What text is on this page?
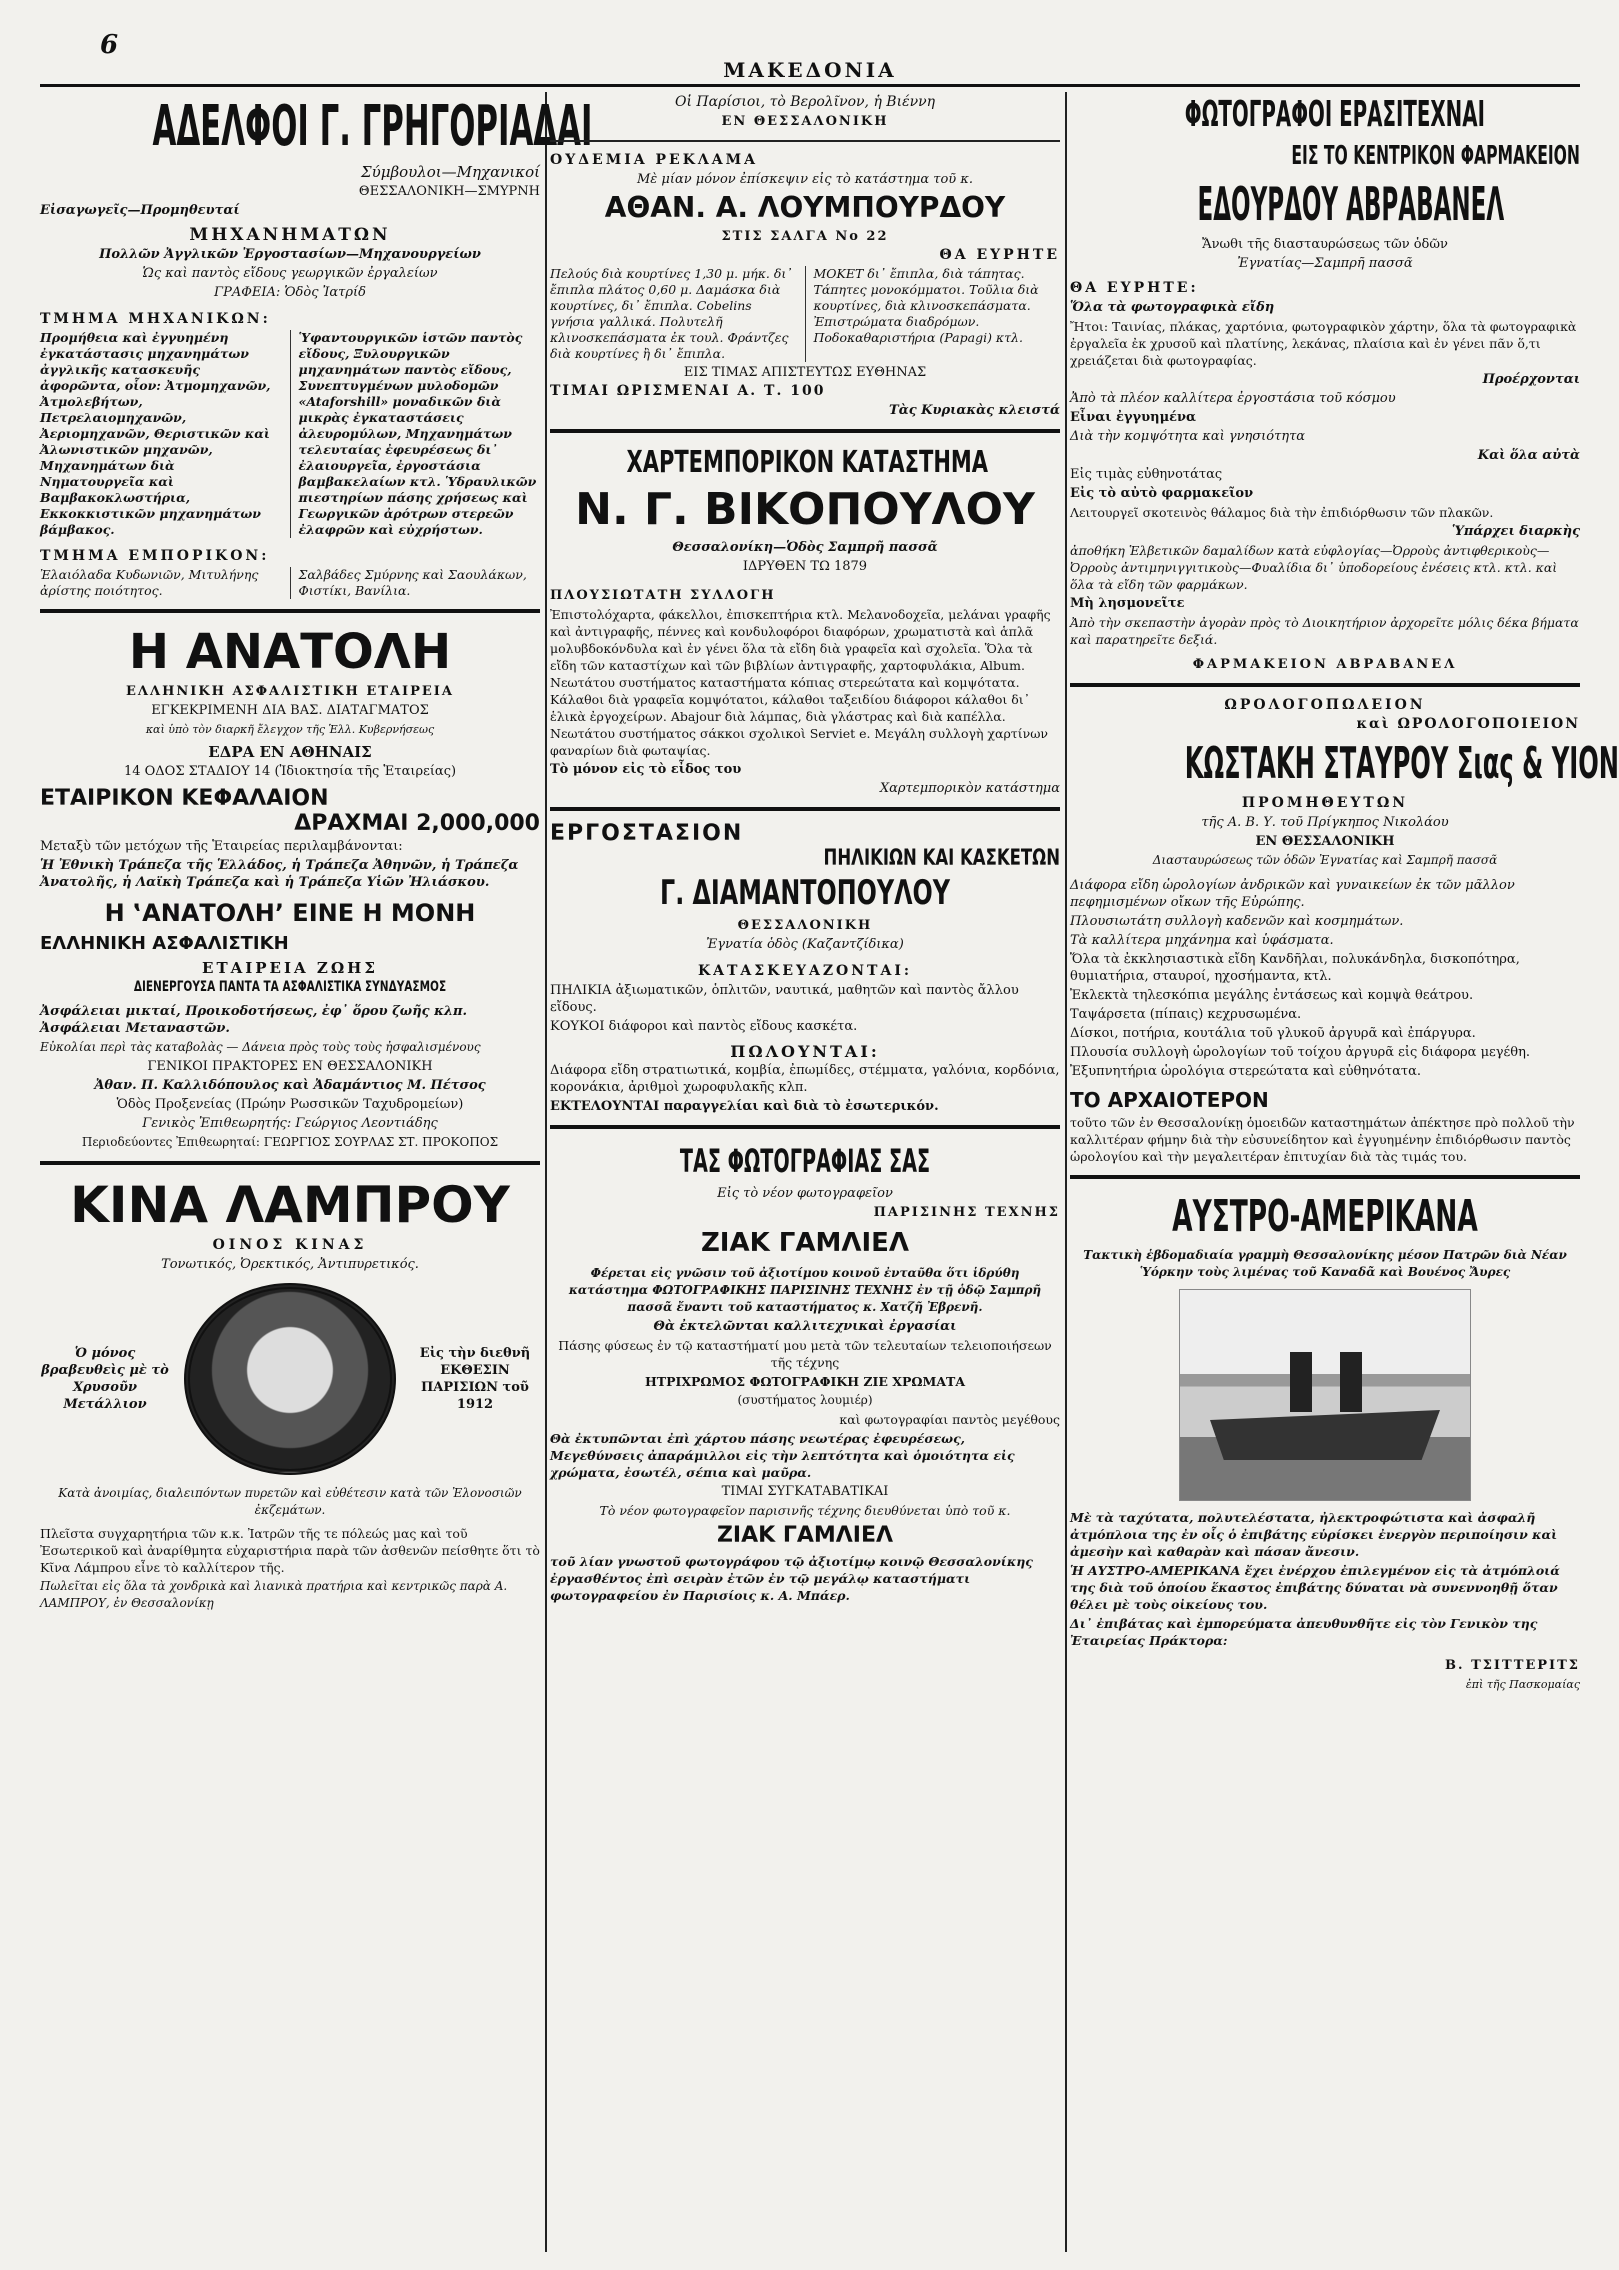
6
ΜΑΚΕΔΟΝΙΑ
ΑΔΕΛΦΟΙ Γ. ΓΡΗΓΟΡΙΑΔΑΙ
Σύμβουλοι—Μηχανικοί
ΘΕΣΣΑΛΟΝΙΚΗ—ΣΜΥΡΝΗ
Εἰσαγωγεῖς—Προμηθευταί
ΜΗΧΑΝΗΜΑΤΩΝ
Πολλῶν Ἀγγλικῶν Ἐργοστασίων—Μηχανουργείων
Ὡς καὶ παντὸς εἴδους γεωργικῶν ἐργαλείων
ΓΡΑΦΕΙΑ: Ὁδὸς Ἰατρίδ
ΤΜΗΜΑ ΜΗΧΑΝΙΚΩΝ:
Προμήθεια καὶ ἐγγυημένη ἐγκατάστασις μηχανημάτων ἀγγλικῆς κατασκευῆς ἀφορῶντα, οἷον: Ἀτμομηχανῶν, Ἀτμολεβήτων, Πετρελαιομηχανῶν, Ἀεριομηχανῶν, Θεριστικῶν καὶ Ἀλωνιστικῶν μηχανῶν, Μηχανημάτων διὰ Νηματουργεῖα καὶ Βαμβακοκλωστήρια, Εκκοκκιστικῶν μηχανημάτων βάμβακος.
Ὑφαντουργικῶν ἱστῶν παντὸς εἴδους, Ξυλουργικῶν μηχανημάτων παντὸς εἴδους, Συνεπτυγμένων μυλοδομῶν «Ataforshill» μοναδικῶν διὰ μικρὰς ἐγκαταστάσεις ἀλευρομύλων, Μηχανημάτων τελευταίας ἐφευρέσεως δι᾽ ἐλαιουργεῖα, ἐργοστάσια βαμβακελαίων κτλ. Ὑδραυλικῶν πιεστηρίων πάσης χρήσεως καὶ Γεωργικῶν ἀρότρων στερεῶν ἐλαφρῶν καὶ εὐχρήστων.
ΤΜΗΜΑ ΕΜΠΟΡΙΚΟΝ:
Ἐλαιόλαδα Κυδωνιῶν, Μιτυλήνης ἀρίστης ποιότητος.
Σαλβάδες Σμύρνης καὶ Σαουλάκων, Φιστίκι, Βανίλια.
Η ΑΝΑΤΟΛΗ
ΕΛΛΗΝΙΚΗ ΑΣΦΑΛΙΣΤΙΚΗ ΕΤΑΙΡΕΙΑ
ΕΓΚΕΚΡΙΜΕΝΗ ΔΙΑ ΒΑΣ. ΔΙΑΤΑΓΜΑΤΟΣ
καὶ ὑπὸ τὸν διαρκῆ ἔλεγχον τῆς Ἑλλ. Κυβερνήσεως
ΕΔΡΑ ΕΝ ΑΘΗΝΑΙΣ
14 ΟΔΟΣ ΣΤΑΔΙΟΥ 14 (Ἰδιοκτησία τῆς Ἑταιρείας)
ΕΤΑΙΡΙΚΟΝ ΚΕΦΑΛΑΙΟΝ
ΔΡΑΧΜΑΙ 2,000,000
Μεταξὺ τῶν μετόχων τῆς Ἑταιρείας περιλαμβάνονται:
Ἡ Ἐθνικὴ Τράπεζα τῆς Ἑλλάδος, ἡ Τράπεζα Ἀθηνῶν, ἡ Τράπεζα Ἀνατολῆς, ἡ Λαϊκὴ Τράπεζα καὶ ἡ Τράπεζα Υἱῶν Ἠλιάσκου.
Η ‛ΑΝΑΤΟΛΗ’ ΕΙΝΕ Η ΜΟΝΗ
ΕΛΛΗΝΙΚΗ ΑΣΦΑΛΙΣΤΙΚΗ
ΕΤΑΙΡΕΙΑ ΖΩΗΣ
ΔΙΕΝΕΡΓΟΥΣΑ ΠΑΝΤΑ ΤΑ ΑΣΦΑΛΙΣΤΙΚΑ ΣΥΝΔΥΑΣΜΟΣ
Ἀσφάλειαι μικταί, Προικοδοτήσεως, ἐφ᾽ ὅρου ζωῆς κλπ. Ἀσφάλειαι Μεταναστῶν.
Εὐκολίαι περὶ τὰς καταβολὰς — Δάνεια πρὸς τοὺς τοὺς ἠσφαλισμένους
ΓΕΝΙΚΟΙ ΠΡΑΚΤΟΡΕΣ ΕΝ ΘΕΣΣΑΛΟΝΙΚΗ
Ἀθαν. Π. Καλλιδόπουλος καὶ Ἀδαμάντιος Μ. Πέτσος
Ὁδὸς Προξενείας (Πρώην Ρωσσικῶν Ταχυδρομείων)
Γενικὸς Ἐπιθεωρητής: Γεώργιος Λεοντιάδης
Περιοδεύοντες Ἐπιθεωρηταί: ΓΕΩΡΓΙΟΣ ΣΟΥΡΛΑΣ ΣΤ. ΠΡΟΚΟΠΟΣ
ΚΙΝΑ ΛΑΜΠΡΟΥ
ΟΙΝΟΣ ΚΙΝΑΣ
Τονωτικός, Ὀρεκτικός, Ἀντιπυρετικός.
Ὁ μόνος βραβευθεὶς μὲ τὸ Χρυσοῦν Μετάλλιον
Εἰς τὴν διεθνῆ ΕΚΘΕΣΙΝ ΠΑΡΙΣΙΩΝ τοῦ 1912
Κατὰ ἀνοιμίας, διαλειπόντων πυρετῶν καὶ εὐθέτεσιν κατὰ τῶν Ἐλονοσιῶν ἐκζεμάτων.
Πλεῖστα συγχαρητήρια τῶν κ.κ. Ἰατρῶν τῆς τε πόλεώς μας καὶ τοῦ Ἐσωτερικοῦ καὶ ἀναρίθμητα εὐχαριστήρια παρὰ τῶν ἀσθενῶν πείσθητε ὅτι τὸ Κῖνα Λάμπρου εἶνε τὸ καλλίτερον τῆς.
Πωλεῖται εἰς ὅλα τὰ χονδρικὰ καὶ λιανικὰ πρατήρια καὶ κεντρικῶς παρὰ Α. ΛΑΜΠΡΟΥ, ἐν Θεσσαλονίκῃ
Οἱ Παρίσιοι, τὸ Βερολῖνον, ἡ Βιέννη
ΕΝ ΘΕΣΣΑΛΟΝΙΚΗ
ΟΥΔΕΜΙΑ ΡΕΚΛΑΜΑ
Μὲ μίαν μόνον ἐπίσκεψιν εἰς τὸ κατάστημα τοῦ κ.
ΑΘΑΝ. Α. ΛΟΥΜΠΟΥΡΔΟΥ
ΣΤΙΣ ΣΑΛΓΑ Νο 22
ΘΑ ΕΥΡΗΤΕ
Πελούς διὰ κουρτίνες 1,30 μ. μήκ. δι᾽ ἔπιπλα πλάτος 0,60 μ. Δαμάσκα διὰ κουρτίνες, δι᾽ ἔπιπλα. Cobelins γνήσια γαλλικά. Πολυτελῆ κλινοσκεπάσματα ἐκ τουλ. Φράντζες διὰ κουρτίνες ἢ δι᾽ ἔπιπλα.
ΜΟΚΕΤ δι᾽ ἔπιπλα, διὰ τάπητας. Τάπητες μονοκόμματοι. Τοῦλια διὰ κουρτίνες, διὰ κλινοσκεπάσματα. Ἐπιστρώματα διαδρόμων. Ποδοκαθαριστήρια (Papagi) κτλ.
ΕΙΣ ΤΙΜΑΣ ΑΠΙΣΤΕΥΤΩΣ ΕΥΘΗΝΑΣ
ΤΙΜΑΙ ΩΡΙΣΜΕΝΑΙ Α. Τ. 100
Τὰς Κυριακὰς κλειστά
ΧΑΡΤΕΜΠΟΡΙΚΟΝ ΚΑΤΑΣΤΗΜΑ
Ν. Γ. ΒΙΚΟΠΟΥΛΟΥ
Θεσσαλονίκη—Ὁδὸς Σαμπρῆ πασσᾶ
ΙΔΡΥΘΕΝ ΤΩ 1879
ΠΛΟΥΣΙΩΤΑΤΗ ΣΥΛΛΟΓΗ
Ἐπιστολόχαρτα, φάκελλοι, ἐπισκεπτήρια κτλ. Μελανοδοχεῖα, μελάναι γραφῆς καὶ ἀντιγραφῆς, πέννες καὶ κονδυλοφόροι διαφόρων, χρωματιστὰ καὶ ἁπλᾶ μολυβδοκόνδυλα καὶ ἐν γένει ὅλα τὰ εἴδη διὰ γραφεῖα καὶ σχολεῖα. Ὅλα τὰ εἴδη τῶν καταστίχων καὶ τῶν βιβλίων ἀντιγραφῆς, χαρτοφυλάκια, Album. Νεωτάτου συστήματος καταστήματα κόπιας στερεώτατα καὶ κομψότατα. Κάλαθοι διὰ γραφεῖα κομψότατοι, κάλαθοι ταξειδίου διάφοροι κάλαθοι δι᾽ ἑλικὰ ἐργοχείρων. Abajour διὰ λάμπας, διὰ γλάστρας καὶ διὰ καπέλλα. Νεωτάτου συστήματος σάκκοι σχολικοὶ Serviet e. Μεγάλη συλλογὴ χαρτίνων φαναρίων διὰ φωταψίας.
Τὸ μόνον εἰς τὸ εἶδος του
Χαρτεμπορικὸν κατάστημα
ΕΡΓΟΣΤΑΣΙΟΝ
ΠΗΛΙΚΙΩΝ ΚΑΙ ΚΑΣΚΕΤΩΝ
Γ. ΔΙΑΜΑΝΤΟΠΟΥΛΟΥ
ΘΕΣΣΑΛΟΝΙΚΗ
Ἐγνατία ὁδὸς (Καζαντζίδικα)
ΚΑΤΑΣΚΕΥΑΖΟΝΤΑΙ:
ΠΗΛΙΚΙΑ ἀξιωματικῶν, ὁπλιτῶν, ναυτικά, μαθητῶν καὶ παντὸς ἄλλου εἴδους.
ΚΟΥΚΟΙ διάφοροι καὶ παντὸς εἴδους κασκέτα.
ΠΩΛΟΥΝΤΑΙ:
Διάφορα εἴδη στρατιωτικά, κομβία, ἐπωμίδες, στέμματα, γαλόνια, κορδόνια, κορονάκια, ἀριθμοὶ χωροφυλακῆς κλπ.
ΕΚΤΕΛΟΥΝΤΑΙ παραγγελίαι καὶ διὰ τὸ ἐσωτερικόν.
ΤΑΣ ΦΩΤΟΓΡΑΦΙΑΣ ΣΑΣ
Εἰς τὸ νέον φωτογραφεῖον
ΠΑΡΙΣΙΝΗΣ ΤΕΧΝΗΣ
ΖΙΑΚ ΓΑΜΛΙΕΛ
Φέρεται εἰς γνῶσιν τοῦ ἀξιοτίμου κοινοῦ ἐνταῦθα ὅτι ἱδρύθη κατάστημα ΦΩΤΟΓΡΑΦΙΚΗΣ ΠΑΡΙΣΙΝΗΣ ΤΕΧΝΗΣ ἐν τῇ ὁδῷ Σαμπρῆ πασσᾶ ἔναντι τοῦ καταστήματος κ. Χατζῆ Ἐβρενῆ.
Θὰ ἐκτελῶνται καλλιτεχνικαὶ ἐργασίαι
Πάσης φύσεως ἐν τῷ καταστήματί μου μετὰ τῶν τελευταίων τελειοποιήσεων τῆς τέχνης
ΗΤΡΙΧΡΩΜΟΣ ΦΩΤΟΓΡΑΦΙΚΗ ΖΙΕ ΧΡΩΜΑΤΑ
(συστήματος λουμιέρ)
καὶ φωτογραφίαι παντὸς μεγέθους
Θὰ ἐκτυπῶνται ἐπὶ χάρτου πάσης νεωτέρας ἐφευρέσεως, Μεγεθύνσεις ἀπαράμιλλοι εἰς τὴν λεπτότητα καὶ ὁμοιότητα εἰς χρώματα, ἐσωτέλ, σέπια καὶ μαῦρα.
ΤΙΜΑΙ ΣΥΓΚΑΤΑΒΑΤΙΚΑΙ
Τὸ νέον φωτογραφεῖον παρισινῆς τέχνης διευθύνεται ὑπὸ τοῦ κ.
ΖΙΑΚ ΓΑΜΛΙΕΛ
τοῦ λίαν γνωστοῦ φωτογράφου τῷ ἀξιοτίμῳ κοινῷ Θεσσαλονίκης ἐργασθέντος ἐπὶ σειρὰν ἐτῶν ἐν τῷ μεγάλῳ καταστήματι φωτογραφείου ἐν Παρισίοις κ. Α. Μπάερ.
ΦΩΤΟΓΡΑΦΟΙ ΕΡΑΣΙΤΕΧΝΑΙ
ΕΙΣ ΤΟ ΚΕΝΤΡΙΚΟΝ ΦΑΡΜΑΚΕΙΟΝ
ΕΔΟΥΡΔΟΥ ΑΒΡΑΒΑΝΕΛ
Ἄνωθι τῆς διασταυρώσεως τῶν ὁδῶν
Ἐγνατίας—Σαμπρῆ πασσᾶ
ΘΑ ΕΥΡΗΤΕ:
Ὅλα τὰ φωτογραφικὰ εἴδη
Ἤτοι: Ταινίας, πλάκας, χαρτόνια, φωτογραφικὸν χάρτην, ὅλα τὰ φωτογραφικὰ ἐργαλεῖα ἐκ χρυσοῦ καὶ πλατίνης, λεκάνας, πλαίσια καὶ ἐν γένει πᾶν ὅ,τι χρειάζεται διὰ φωτογραφίας.
Προέρχονται
Ἀπὸ τὰ πλέον καλλίτερα ἐργοστάσια τοῦ κόσμου
Εἶναι ἐγγυημένα
Διὰ τὴν κομψότητα καὶ γνησιότητα
Καὶ ὅλα αὐτὰ
Εἰς τιμὰς εὐθηνοτάτας
Εἰς τὸ αὐτὸ φαρμακεῖον
Λειτουργεῖ σκοτεινὸς θάλαμος διὰ τὴν ἐπιδιόρθωσιν τῶν πλακῶν.
Ὑπάρχει διαρκὴς
ἀποθήκη Ἑλβετικῶν δαμαλίδων κατὰ εὐφλογίας—Ὀρροὺς ἀντιφθερικοὺς—Ὀρροὺς ἀντιμηνιγγιτικοὺς—Φυαλίδια δι᾽ ὑποδορείους ἐνέσεις κτλ. κτλ. καὶ ὅλα τὰ εἴδη τῶν φαρμάκων.
Μὴ λησμονεῖτε
Ἀπὸ τὴν σκεπαστὴν ἀγορὰν πρὸς τὸ Διοικητήριον ἀρχορεῖτε μόλις δέκα βήματα καὶ παρατηρεῖτε δεξιά.
ΦΑΡΜΑΚΕΙΟΝ ΑΒΡΑΒΑΝΕΛ
ΩΡΟΛΟΓΟΠΩΛΕΙΟΝ
καὶ ΩΡΟΛΟΓΟΠΟΙΕΙΟΝ
ΚΩΣΤΑΚΗ ΣΤΑΥΡΟΥ Σιας & ΥΙΟΝ
ΠΡΟΜΗΘΕΥΤΩΝ
τῆς Α. Β. Υ. τοῦ Πρίγκηπος Νικολάου
ΕΝ ΘΕΣΣΑΛΟΝΙΚΗ
Διασταυρώσεως τῶν ὁδῶν Ἐγνατίας καὶ Σαμπρῆ πασσᾶ
Διάφορα εἴδη ὡρολογίων ἀνδρικῶν καὶ γυναικείων ἐκ τῶν μᾶλλον πεφημισμένων οἴκων τῆς Εὐρώπης.
Πλουσιωτάτη συλλογὴ καδενῶν καὶ κοσμημάτων.
Τὰ καλλίτερα μηχάνημα καὶ ὑφάσματα.
Ὅλα τὰ ἐκκλησιαστικὰ εἴδη Κανδῆλαι, πολυκάνδηλα, δισκοπότηρα, θυμιατήρια, σταυροί, ηχοσήμαντα, κτλ.
Ἐκλεκτὰ τηλεσκόπια μεγάλης ἐντάσεως καὶ κομψὰ θεάτρου.
Ταψάρσετα (πίπαις) κεχρυσωμένα.
Δίσκοι, ποτήρια, κουτάλια τοῦ γλυκοῦ ἀργυρᾶ καὶ ἐπάργυρα.
Πλουσία συλλογὴ ὡρολογίων τοῦ τοίχου ἀργυρᾶ εἰς διάφορα μεγέθη.
Ἐξυπνητήρια ὡρολόγια στερεώτατα καὶ εὐθηνότατα.
ΤΟ ΑΡΧΑΙΟΤΕΡΟΝ
τοῦτο τῶν ἐν Θεσσαλονίκῃ ὁμοειδῶν καταστημάτων ἀπέκτησε πρὸ πολλοῦ τὴν καλλιτέραν φήμην διὰ τὴν εὐσυνείδητον καὶ ἐγγυημένην ἐπιδιόρθωσιν παντὸς ὡρολογίου καὶ τὴν μεγαλειτέραν ἐπιτυχίαν διὰ τὰς τιμάς του.
ΑΥΣΤΡΟ-ΑΜΕΡΙΚΑΝΑ
Τακτικὴ ἑβδομαδιαία γραμμὴ Θεσσαλονίκης μέσον Πατρῶν διὰ Νέαν Ὑόρκην τοὺς λιμένας τοῦ Καναδᾶ καὶ Βουένος Ἄυρες
Μὲ τὰ ταχύτατα, πολυτελέστατα, ἠλεκτροφώτιστα καὶ ἀσφαλῆ ἀτμόπλοια της ἐν οἷς ὁ ἐπιβάτης εὑρίσκει ἐνεργὸν περιποίησιν καὶ ἀμεσὴν καὶ καθαρὰν καὶ πάσαν ἄνεσιν.
Ἡ ΑΥΣΤΡΟ-ΑΜΕΡΙΚΑΝΑ ἔχει ἐνέρχου ἐπιλεγμένον εἰς τὰ ἀτμόπλοιά της διὰ τοῦ ὁποίου ἕκαστος ἐπιβάτης δύναται νὰ συνεννοηθῇ ὅταν θέλει μὲ τοὺς οἰκείους του.
Δι᾽ ἐπιβάτας καὶ ἐμπορεύματα ἀπευθυνθῆτε εἰς τὸν Γενικὸν της Ἐταιρείας Πράκτορα:
Β. ΤΣΙΤΤΕΡΙΤΣ
ἐπὶ τῆς Πασκομαίας
